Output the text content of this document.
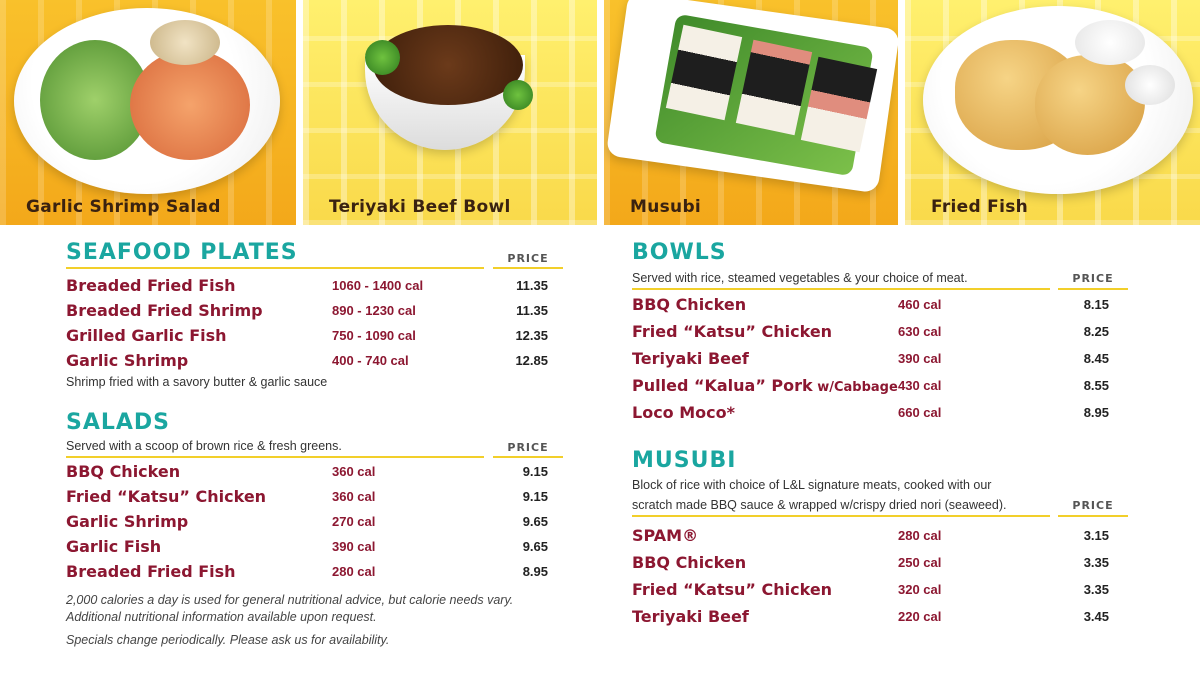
Garlic Shrimp Salad	Teriyaki Beef Bowl	Musubi	Fried Fish
SEAFOOD PLATES	PRICE
Breaded Fried Fish	1060 - 1400 cal	11.35
Breaded Fried Shrimp	890 - 1230 cal	11.35
Grilled Garlic Fish	750 - 1090 cal	12.35
Garlic Shrimp	400 - 740 cal	12.85
Shrimp fried with a savory butter & garlic sauce
SALADS
Served with a scoop of brown rice & fresh greens.	PRICE
BBQ Chicken	360 cal	9.15
Fried “Katsu” Chicken	360 cal	9.15
Garlic Shrimp	270 cal	9.65
Garlic Fish	390 cal	9.65
Breaded Fried Fish	280 cal	8.95
2,000 calories a day is used for general nutritional advice, but calorie needs vary.
Additional nutritional information available upon request.
Specials change periodically. Please ask us for availability.
BOWLS
Served with rice, steamed vegetables & your choice of meat.	PRICE
BBQ Chicken	460 cal	8.15
Fried “Katsu” Chicken	630 cal	8.25
Teriyaki Beef	390 cal	8.45
Pulled “Kalua” Pork w/Cabbage 430 cal	8.55
Loco Moco*	660 cal	8.95
MUSUBI
Block of rice with choice of L&L signature meats, cooked with our
scratch made BBQ sauce & wrapped w/crispy dried nori (seaweed).	PRICE
SPAM®	280 cal	3.15
BBQ Chicken	250 cal	3.35
Fried “Katsu” Chicken	320 cal	3.35
Teriyaki Beef	220 cal	3.45
